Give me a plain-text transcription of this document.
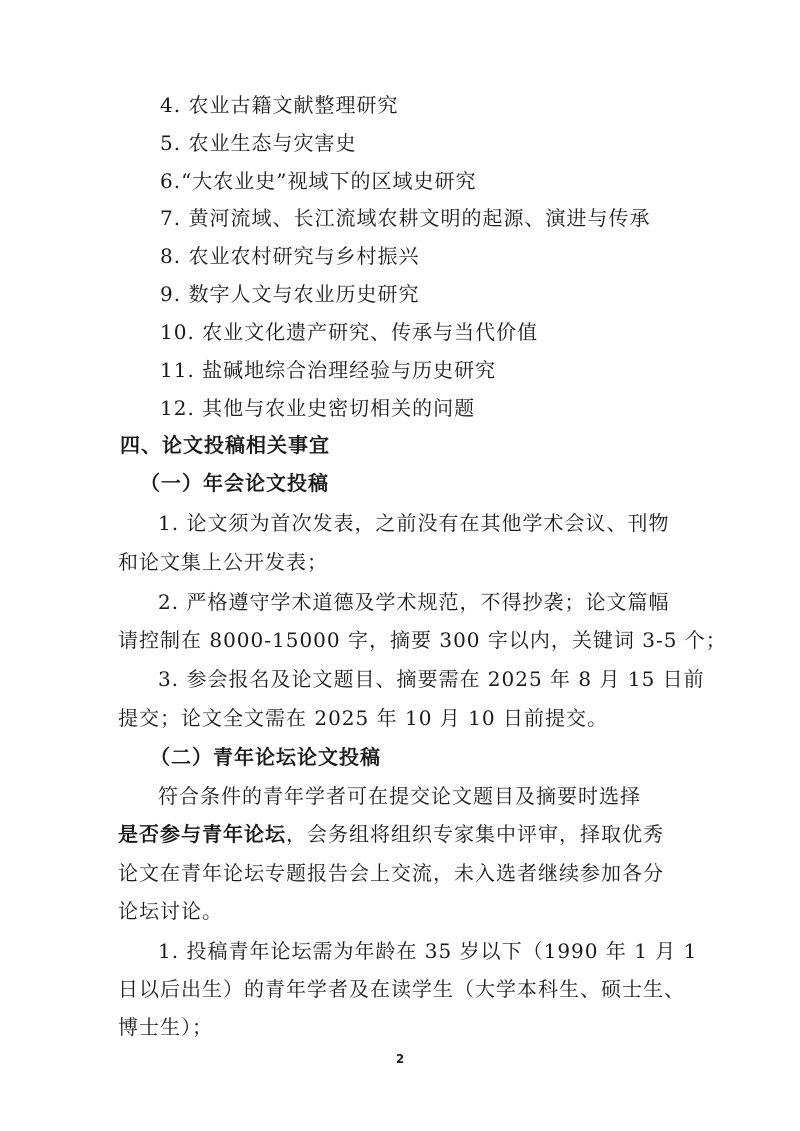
4. 农业古籍文献整理研究
5. 农业生态与灾害史
6.“大农业史”视域下的区域史研究
7. 黄河流域、长江流域农耕文明的起源、演进与传承
8. 农业农村研究与乡村振兴
9. 数字人文与农业历史研究
10. 农业文化遗产研究、传承与当代价值
11. 盐碱地综合治理经验与历史研究
12. 其他与农业史密切相关的问题
四、论文投稿相关事宜
（一）年会论文投稿
1. 论文须为首次发表，之前没有在其他学术会议、刊物
和论文集上公开发表；
2. 严格遵守学术道德及学术规范，不得抄袭；论文篇幅
请控制在 8000-15000 字，摘要 300 字以内，关键词 3-5 个；
3. 参会报名及论文题目、摘要需在 2025 年 8 月 15 日前
提交；论文全文需在 2025 年 10 月 10 日前提交。
（二）青年论坛论文投稿
符合条件的青年学者可在提交论文题目及摘要时选择
是否参与青年论坛，会务组将组织专家集中评审，择取优秀
论文在青年论坛专题报告会上交流，未入选者继续参加各分
论坛讨论。
1. 投稿青年论坛需为年龄在 35 岁以下（1990 年 1 月 1
日以后出生）的青年学者及在读学生（大学本科生、硕士生、
博士生）；
2
